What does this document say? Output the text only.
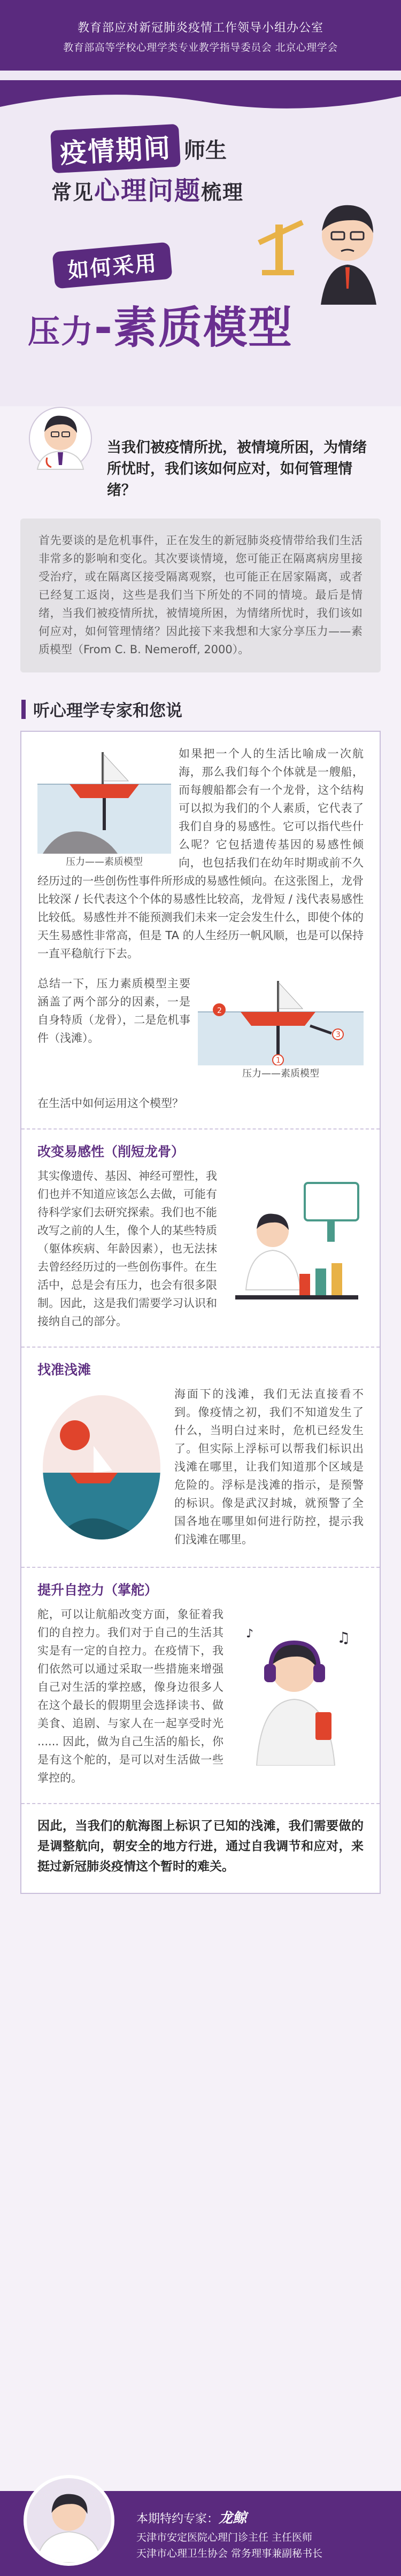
教育部应对新冠肺炎疫情工作领导小组办公室
教育部高等学校心理学类专业教学指导委员会 北京心理学会
疫情期间 师生
常见心理问题梳理
如何采用
压力-素质模型
当我们被疫情所扰，被情境所困，为情绪所忧时，我们该如何应对，如何管理情绪？
首先要谈的是危机事件，正在发生的新冠肺炎疫情带给我们生活非常多的影响和变化。其次要谈情境，您可能正在隔离病房里接受治疗，或在隔离区接受隔离观察，也可能正在居家隔离，或者已经复工返岗，这些是我们当下所处的不同的情境。最后是情绪，当我们被疫情所扰，被情境所困，为情绪所忧时，我们该如何应对，如何管理情绪？因此接下来我想和大家分享压力——素质模型（From C. B. Nemeroff, 2000）。
听心理学专家和您说
压力——素质模型
如果把一个人的生活比喻成一次航海，那么我们每个个体就是一艘船，而每艘船都会有一个龙骨，这个结构可以拟为我们的个人素质，它代表了我们自身的易感性。它可以指代些什么呢？它包括遗传基因的易感性倾向，也包括我们在幼年时期或前不久经历过的一些创伤性事件所形成的易感性倾向。在这张图上，龙骨比较深 / 长代表这个个体的易感性比较高，龙骨短 / 浅代表易感性比较低。易感性并不能预测我们未来一定会发生什么，即使个体的天生易感性非常高，但是 TA 的人生经历一帆风顺，也是可以保持一直平稳航行下去。
2
1
3
压力——素质模型
总结一下，压力素质模型主要涵盖了两个部分的因素，一是自身特质（龙骨），二是危机事件（浅滩）。
在生活中如何运用这个模型？
改变易感性（削短龙骨）
其实像遗传、基因、神经可塑性，我们也并不知道应该怎么去做，可能有待科学家们去研究探索。我们也不能改写之前的人生，像个人的某些特质（躯体疾病、年龄因素），也无法抹去曾经经历过的一些创伤事件。在生活中，总是会有压力，也会有很多限制。因此，这是我们需要学习认识和接纳自己的部分。
找准浅滩
海面下的浅滩，我们无法直接看不到。像疫情之初，我们不知道发生了什么，当明白过来时，危机已经发生了。但实际上浮标可以帮我们标识出浅滩在哪里，让我们知道那个区域是危险的。浮标是浅滩的指示，是预警的标识。像是武汉封城，就预警了全国各地在哪里如何进行防控，提示我们浅滩在哪里。
提升自控力（掌舵）
♫
♪
舵，可以让航船改变方面，象征着我们的自控力。我们对于自己的生活其实是有一定的自控力。在疫情下，我们依然可以通过采取一些措施来增强自己对生活的掌控感，像身边很多人在这个最长的假期里会选择读书、做美食、追剧、与家人在一起享受时光 ...... 因此，做为自己生活的船长，你是有这个舵的，是可以对生活做一些掌控的。
因此，当我们的航海图上标识了已知的浅滩，我们需要做的是调整航向，朝安全的地方行进，通过自我调节和应对，来挺过新冠肺炎疫情这个暂时的难关。
本期特约专家：龙鲸
天津市安定医院心理门诊主任 主任医师
天津市心理卫生协会 常务理事兼副秘书长
